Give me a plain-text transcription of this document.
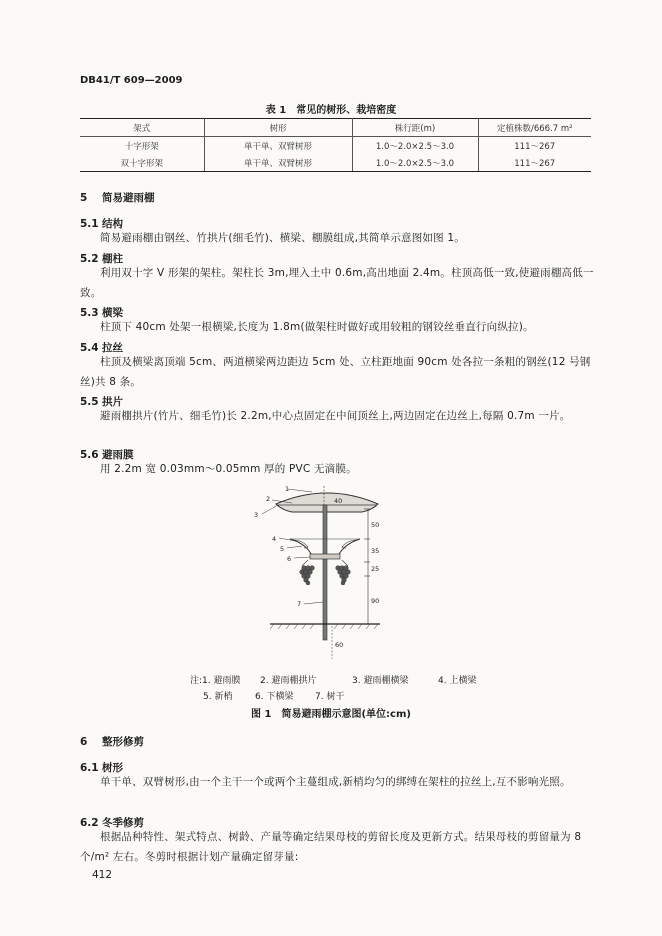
DB41/T 609—2009
表 1　常见的树形、栽培密度
架式	树形	株行距(m)	定植株数/666.7 m²
十字形架	单干单、双臂树形	1.0～2.0×2.5～3.0	111～267
双十字形架	单干单、双臂树形	1.0～2.0×2.5～3.0	111～267
5 简易避雨棚
5.1 结构
简易避雨棚由钢丝、竹拱片(细毛竹)、横梁、棚膜组成,其简单示意图如图 1。
5.2 棚柱
利用双十字 V 形架的架柱。架柱长 3m,埋入土中 0.6m,高出地面 2.4m。柱顶高低一致,使避雨棚高低一致。
5.3 横梁
柱顶下 40cm 处架一根横梁,长度为 1.8m(做架柱时做好或用较粗的钢铰丝垂直行向纵拉)。
5.4 拉丝
柱顶及横梁离顶端 5cm、两道横梁两边距边 5cm 处、立柱距地面 90cm 处各拉一条粗的钢丝(12 号钢丝)共 8 条。
5.5 拱片
避雨棚拱片(竹片、细毛竹)长 2.2m,中心点固定在中间顶丝上,两边固定在边丝上,每隔 0.7m 一片。
5.6 避雨膜
用 2.2m 宽 0.03mm～0.05mm 厚的 PVC 无滴膜。
1
2
3
4
5
6
7
40
50
35
25
90
60
注:1. 避雨膜 2. 避雨棚拱片	3. 避雨棚横梁	4. 上横梁
5. 新梢	6. 下横梁 7. 树干
图 1　简易避雨棚示意图(单位:cm)
6 整形修剪
6.1 树形
单干单、双臂树形,由一个主干一个或两个主蔓组成,新梢均匀的绑缚在架柱的拉丝上,互不影响光照。
6.2 冬季修剪
根据品种特性、架式特点、树龄、产量等确定结果母枝的剪留长度及更新方式。结果母枝的剪留量为 8 个/m² 左右。冬剪时根据计划产量确定留芽量:
412
